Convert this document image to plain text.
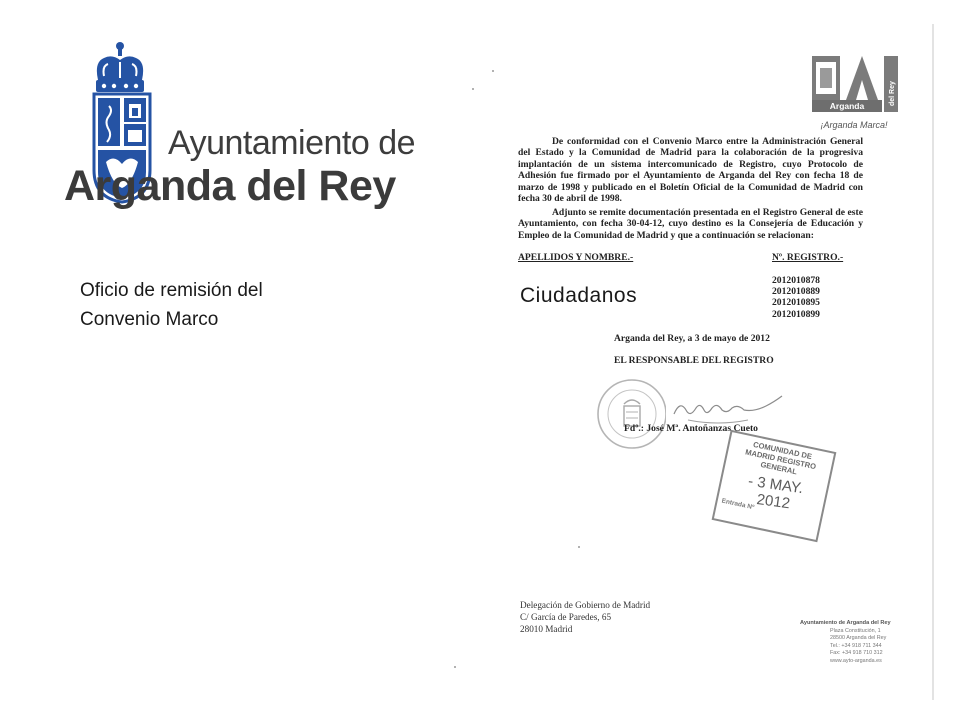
Ayuntamiento de
Arganda del Rey
Oficio de remisión del
Convenio Marco
Arganda	del Rey
¡Arganda Marca!
De conformidad con el Convenio Marco entre la Administración General del Estado y la Comunidad de Madrid para la colaboración de la progresiva implantación de un sistema intercomunicado de Registro, cuyo Protocolo de Adhesión fue firmado por el Ayuntamiento de Arganda del Rey con fecha 18 de marzo de 1998 y publicado en el Boletín Oficial de la Comunidad de Madrid con fecha 30 de abril de 1998.
Adjunto se remite documentación presentada en el Registro General de este Ayuntamiento, con fecha 30-04-12, cuyo destino es la Consejería de Educación y Empleo de la Comunidad de Madrid y que a continuación se relacionan:
APELLIDOS Y NOMBRE.-	Nº. REGISTRO.-
2012010878
2012010889
2012010895
2012010899
Arganda del Rey, a 3 de mayo de 2012
EL RESPONSABLE DEL REGISTRO
Fdº.: José Mª. Antoñanzas Cueto
COMUNIDAD DE MADRID REGISTRO GENERAL
- 3 MAY. 2012
Entrada Nº
Delegación de Gobierno de Madrid
C/ García de Paredes, 65
28010 Madrid
Ayuntamiento de Arganda del Rey
Plaza Constitución, 1
28500 Arganda del Rey
Tel.: +34 918 711 344
Fax: +34 918 710 312
www.ayto-arganda.es
Ciudadanos
